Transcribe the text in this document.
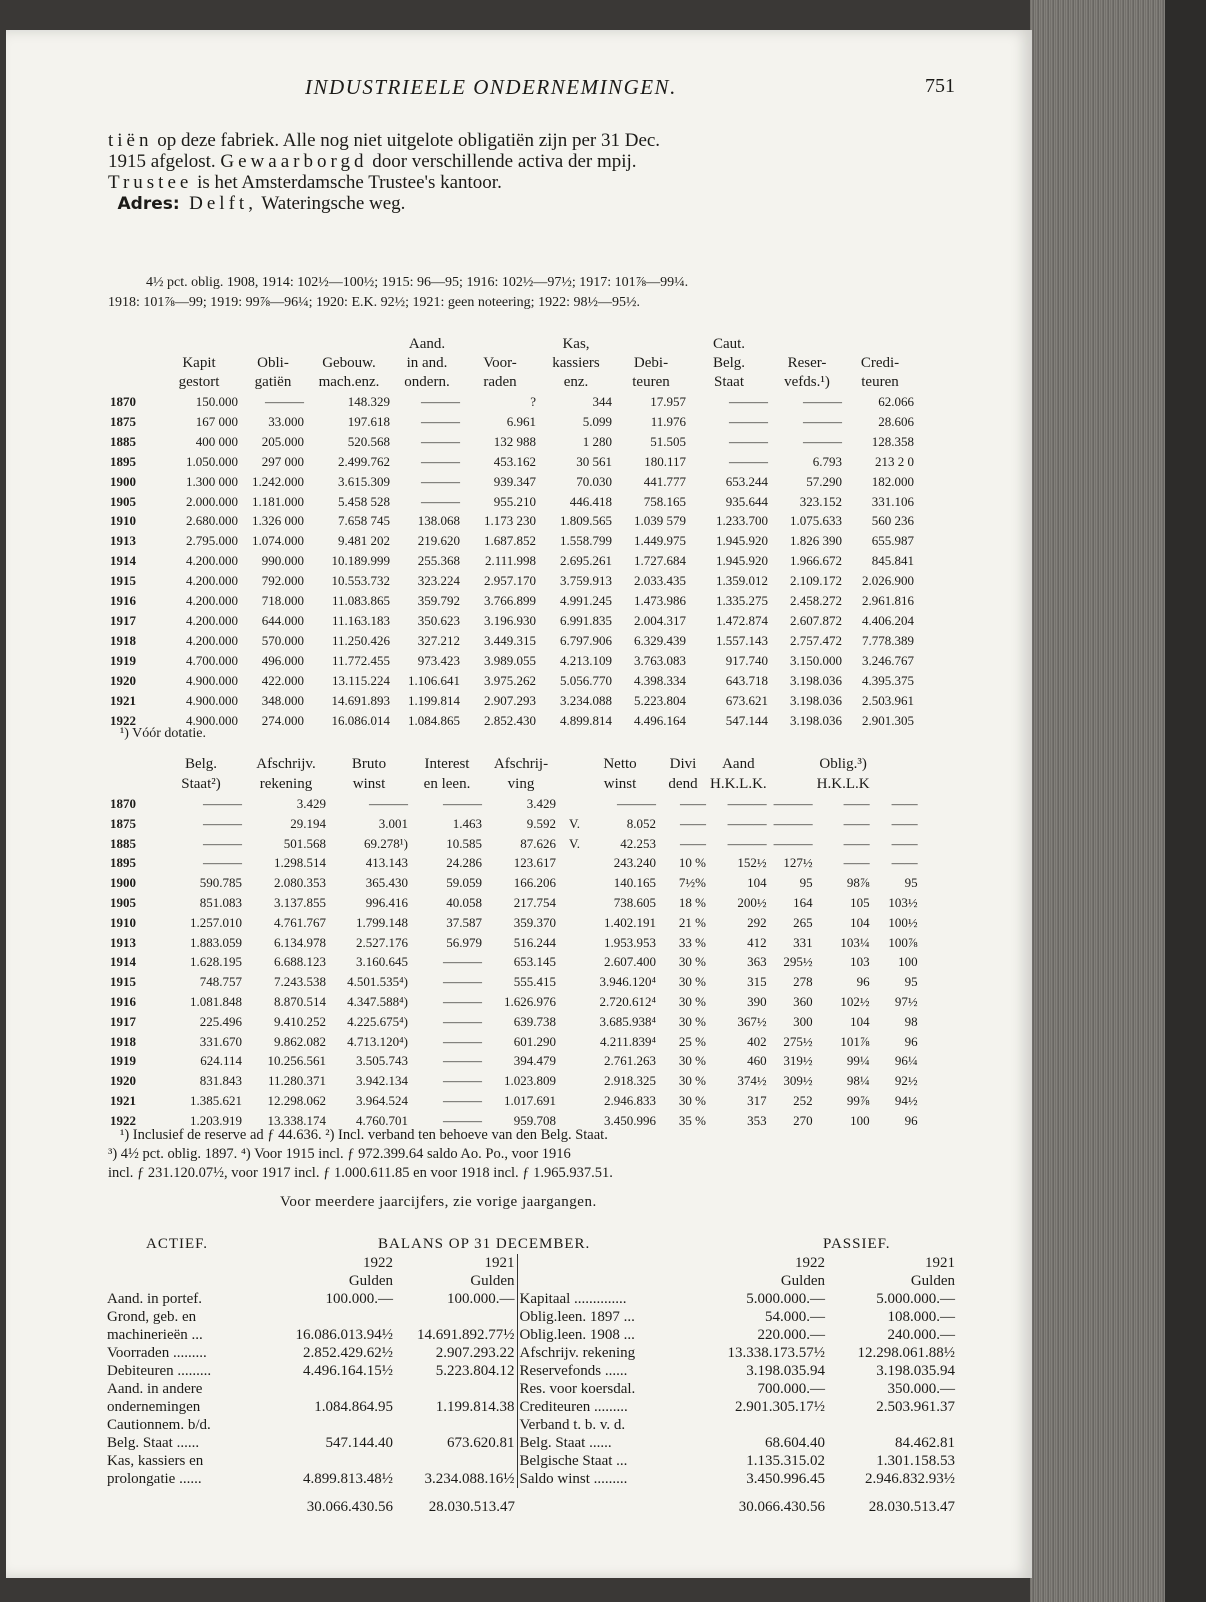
INDUSTRIEELE ONDERNEMINGEN.	751
tiën op deze fabriek. Alle nog niet uitgelote obligatiën zijn per 31 Dec.
1915 afgelost. Gewaarborgd door verschillende activa der mpij.
Trustee is het Amsterdamsche Trustee's kantoor.
Adres: Delft, Wateringsche weg.
4½ pct. oblig. 1908, 1914: 102½—100½; 1915: 96—95; 1916: 102½—97½; 1917: 101⅞—99¼.
1918: 101⅞—99; 1919: 99⅞—96¼; 1920: E.K. 92½; 1921: geen noteering; 1922: 98½—95½.
				Aand.		Kas,		Caut.		
	Kapit	Obli-	Gebouw.	in and.	Voor-	kassiers	Debi-	Belg.	Reser-	Credi-
	gestort	gatiën	mach.enz.	ondern.	raden	enz.	teuren	Staat	vefds.¹)	teuren
1870	150.000	———	148.329	———	?	344	17.957	———	———	62.066
1875	167 000	33.000	197.618	———	6.961	5.099	11.976	———	———	28.606
1885	400 000	205.000	520.568	———	132 988	1 280	51.505	———	———	128.358
1895	1.050.000	297 000	2.499.762	———	453.162	30 561	180.117	———	6.793	213 2 0
1900	1.300 000	1.242.000	3.615.309	———	939.347	70.030	441.777	653.244	57.290	182.000
1905	2.000.000	1.181.000	5.458 528	———	955.210	446.418	758.165	935.644	323.152	331.106
1910	2.680.000	1.326 000	7.658 745	138.068	1.173 230	1.809.565	1.039 579	1.233.700	1.075.633	560 236
1913	2.795.000	1.074.000	9.481 202	219.620	1.687.852	1.558.799	1.449.975	1.945.920	1.826 390	655.987
1914	4.200.000	990.000	10.189.999	255.368	2.111.998	2.695.261	1.727.684	1.945.920	1.966.672	845.841
1915	4.200.000	792.000	10.553.732	323.224	2.957.170	3.759.913	2.033.435	1.359.012	2.109.172	2.026.900
1916	4.200.000	718.000	11.083.865	359.792	3.766.899	4.991.245	1.473.986	1.335.275	2.458.272	2.961.816
1917	4.200.000	644.000	11.163.183	350.623	3.196.930	6.991.835	2.004.317	1.472.874	2.607.872	4.406.204
1918	4.200.000	570.000	11.250.426	327.212	3.449.315	6.797.906	6.329.439	1.557.143	2.757.472	7.778.389
1919	4.700.000	496.000	11.772.455	973.423	3.989.055	4.213.109	3.763.083	917.740	3.150.000	3.246.767
1920	4.900.000	422.000	13.115.224	1.106.641	3.975.262	5.056.770	4.398.334	643.718	3.198.036	4.395.375
1921	4.900.000	348.000	14.691.893	1.199.814	2.907.293	3.234.088	5.223.804	673.621	3.198.036	2.503.961
1922	4.900.000	274.000	16.086.014	1.084.865	2.852.430	4.899.814	4.496.164	547.144	3.198.036	2.901.305
¹) Vóór dotatie.
	Belg.	Afschrijv.	Bruto	Interest	Afschrij-		Netto	Divi	Aand		Oblig.³)	
	Staat²)	rekening	winst	en leen.	ving		winst	dend	H.K.L.K.		H.K.L.K	
1870	———	3.429	———	———	3.429		———	——	———	———	——	——
1875	———	29.194	3.001	1.463	9.592	V.	8.052	——	———	———	——	——
1885	———	501.568	69.278¹)	10.585	87.626	V.	42.253	——	———	———	——	——
1895	———	1.298.514	413.143	24.286	123.617		243.240	10 %	152½	127½	——	——
1900	590.785	2.080.353	365.430	59.059	166.206		140.165	7½%	104	95	98⅞	95
1905	851.083	3.137.855	996.416	40.058	217.754		738.605	18 %	200½	164	105	103½
1910	1.257.010	4.761.767	1.799.148	37.587	359.370		1.402.191	21 %	292	265	104	100½
1913	1.883.059	6.134.978	2.527.176	56.979	516.244		1.953.953	33 %	412	331	103¼	100⅞
1914	1.628.195	6.688.123	3.160.645	———	653.145		2.607.400	30 %	363	295½	103	100
1915	748.757	7.243.538	4.501.535⁴)	———	555.415		3.946.120⁴	30 %	315	278	96	95
1916	1.081.848	8.870.514	4.347.588⁴)	———	1.626.976		2.720.612⁴	30 %	390	360	102½	97½
1917	225.496	9.410.252	4.225.675⁴)	———	639.738		3.685.938⁴	30 %	367½	300	104	98
1918	331.670	9.862.082	4.713.120⁴)	———	601.290		4.211.839⁴	25 %	402	275½	101⅞	96
1919	624.114	10.256.561	3.505.743	———	394.479		2.761.263	30 %	460	319½	99¼	96¼
1920	831.843	11.280.371	3.942.134	———	1.023.809		2.918.325	30 %	374½	309½	98¼	92½
1921	1.385.621	12.298.062	3.964.524	———	1.017.691		2.946.833	30 %	317	252	99⅞	94½
1922	1.203.919	13.338.174	4.760.701	———	959.708		3.450.996	35 %	353	270	100	96
¹) Inclusief de reserve ad ƒ 44.636. ²) Incl. verband ten behoeve van den Belg. Staat.
³) 4½ pct. oblig. 1897. ⁴) Voor 1915 incl. ƒ 972.399.64 saldo Ao. Po., voor 1916
incl. ƒ 231.120.07½, voor 1917 incl. ƒ 1.000.611.85 en voor 1918 incl. ƒ 1.965.937.51.
Voor meerdere jaarcijfers, zie vorige jaargangen.
ACTIEF.	BALANS OP 31 DECEMBER.	PASSIEF.
	1922	1921		1922	1921
	Gulden	Gulden		Gulden	Gulden
Aand. in portef.	100.000.—	100.000.—	Kapitaal ..............	5.000.000.—	5.000.000.—
Grond, geb. en			Oblig.leen. 1897 ...	54.000.—	108.000.—
machinerieën ...	16.086.013.94½	14.691.892.77½	Oblig.leen. 1908 ...	220.000.—	240.000.—
Voorraden .........	2.852.429.62½	2.907.293.22	Afschrijv. rekening	13.338.173.57½	12.298.061.88½
Debiteuren .........	4.496.164.15½	5.223.804.12	Reservefonds ......	3.198.035.94	3.198.035.94
Aand. in andere			Res. voor koersdal.	700.000.—	350.000.—
ondernemingen	1.084.864.95	1.199.814.38	Crediteuren .........	2.901.305.17½	2.503.961.37
Cautionnem. b/d.			Verband t. b. v. d.		
Belg. Staat ......	547.144.40	673.620.81	Belg. Staat ......	68.604.40	84.462.81
Kas, kassiers en			Belgische Staat ...	1.135.315.02	1.301.158.53
prolongatie ......	4.899.813.48½	3.234.088.16½	Saldo winst .........	3.450.996.45	2.946.832.93½
	30.066.430.56	28.030.513.47		30.066.430.56	28.030.513.47
